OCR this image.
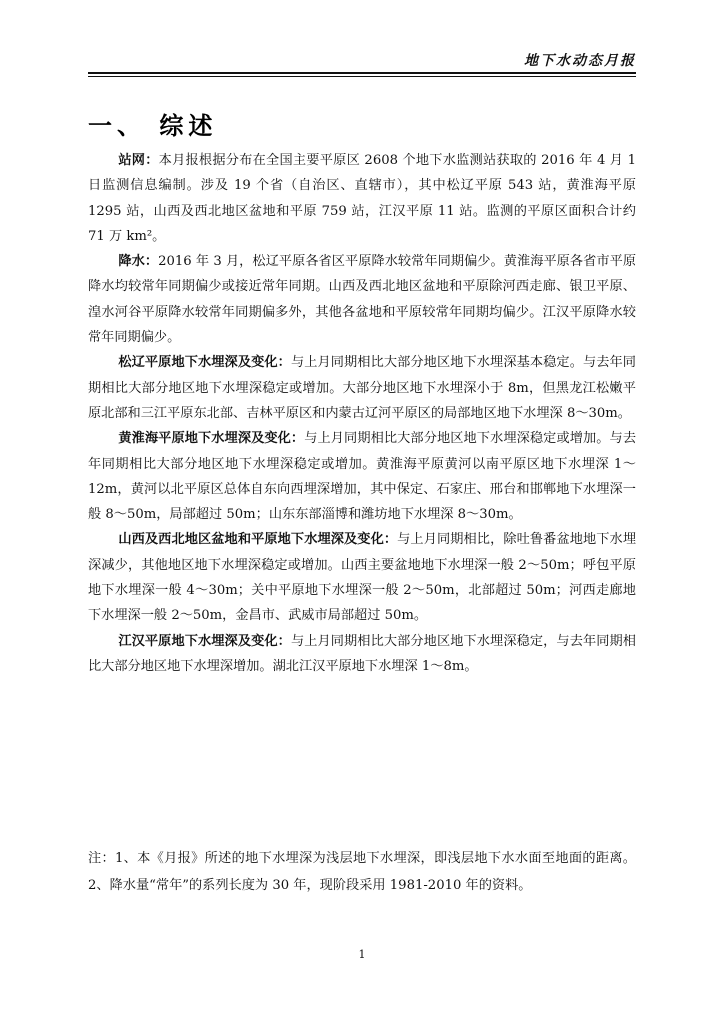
地下水动态月报
一、 综述

站网：本月报根据分布在全国主要平原区 2608 个地下水监测站获取的 2016 年 4 月 1 日监测信息编制。涉及 19 个省（自治区、直辖市），其中松辽平原 543 站，黄淮海平原 1295 站，山西及西北地区盆地和平原 759 站，江汉平原 11 站。监测的平原区面积合计约 71 万 km²。

降水：2016 年 3 月，松辽平原各省区平原降水较常年同期偏少。黄淮海平原各省市平原降水均较常年同期偏少或接近常年同期。山西及西北地区盆地和平原除河西走廊、银卫平原、湟水河谷平原降水较常年同期偏多外，其他各盆地和平原较常年同期均偏少。江汉平原降水较常年同期偏少。

松辽平原地下水埋深及变化：与上月同期相比大部分地区地下水埋深基本稳定。与去年同期相比大部分地区地下水埋深稳定或增加。大部分地区地下水埋深小于 8m，但黑龙江松嫩平原北部和三江平原东北部、吉林平原区和内蒙古辽河平原区的局部地区地下水埋深 8～30m。

黄淮海平原地下水埋深及变化：与上月同期相比大部分地区地下水埋深稳定或增加。与去年同期相比大部分地区地下水埋深稳定或增加。黄淮海平原黄河以南平原区地下水埋深 1～12m，黄河以北平原区总体自东向西埋深增加，其中保定、石家庄、邢台和邯郸地下水埋深一般 8～50m，局部超过 50m；山东东部淄博和潍坊地下水埋深 8～30m。

山西及西北地区盆地和平原地下水埋深及变化：与上月同期相比，除吐鲁番盆地地下水埋深减少，其他地区地下水埋深稳定或增加。山西主要盆地地下水埋深一般 2～50m；呼包平原地下水埋深一般 4～30m；关中平原地下水埋深一般 2～50m，北部超过 50m；河西走廊地下水埋深一般 2～50m，金昌市、武威市局部超过 50m。

江汉平原地下水埋深及变化：与上月同期相比大部分地区地下水埋深稳定，与去年同期相比大部分地区地下水埋深增加。湖北江汉平原地下水埋深 1～8m。

注：1、本《月报》所述的地下水埋深为浅层地下水埋深，即浅层地下水水面至地面的距离。 2、降水量“常年”的系列长度为 30 年，现阶段采用 1981-2010 年的资料。

1
